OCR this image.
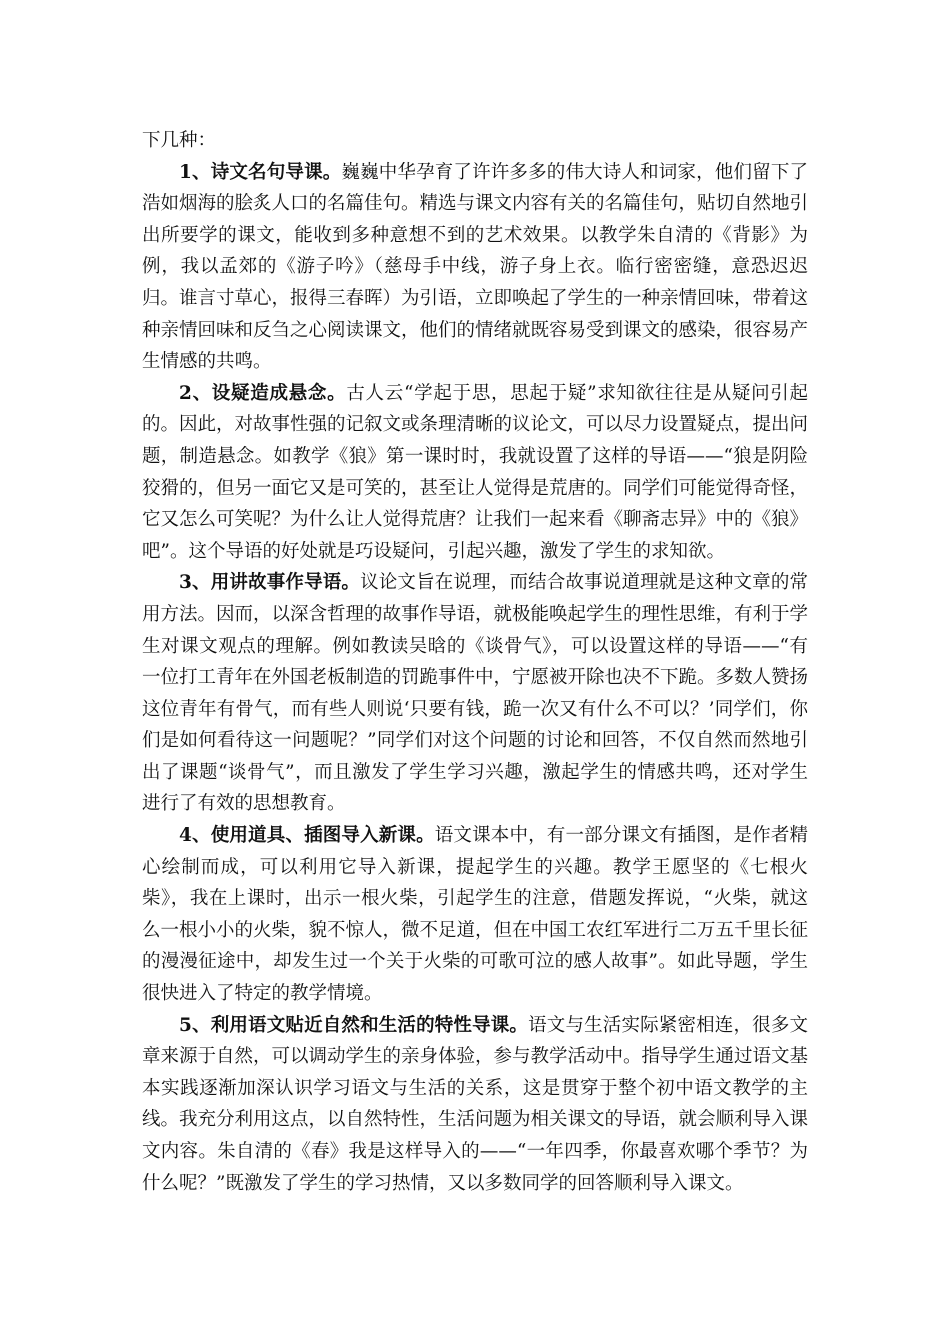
下几种：

1、诗文名句导课。巍巍中华孕育了许许多多的伟大诗人和词家，他们留下了浩如烟海的脍炙人口的名篇佳句。精选与课文内容有关的名篇佳句，贴切自然地引出所要学的课文，能收到多种意想不到的艺术效果。以教学朱自清的《背影》为例，我以孟郊的《游子吟》（慈母手中线，游子身上衣。临行密密缝，意恐迟迟归。谁言寸草心，报得三春晖）为引语，立即唤起了学生的一种亲情回味，带着这种亲情回味和反刍之心阅读课文，他们的情绪就既容易受到课文的感染，很容易产生情感的共鸣。

2、设疑造成悬念。古人云“学起于思，思起于疑”求知欲往往是从疑问引起的。因此，对故事性强的记叙文或条理清晰的议论文，可以尽力设置疑点，提出问题，制造悬念。如教学《狼》第一课时时，我就设置了这样的导语——“狼是阴险狡猾的，但另一面它又是可笑的，甚至让人觉得是荒唐的。同学们可能觉得奇怪，它又怎么可笑呢？为什么让人觉得荒唐？让我们一起来看《聊斋志异》中的《狼》吧”。这个导语的好处就是巧设疑问，引起兴趣，激发了学生的求知欲。

3、用讲故事作导语。议论文旨在说理，而结合故事说道理就是这种文章的常用方法。因而，以深含哲理的故事作导语，就极能唤起学生的理性思维，有利于学生对课文观点的理解。例如教读吴晗的《谈骨气》，可以设置这样的导语——“有一位打工青年在外国老板制造的罚跪事件中，宁愿被开除也决不下跪。多数人赞扬这位青年有骨气，而有些人则说‘只要有钱，跪一次又有什么不可以？’同学们，你们是如何看待这一问题呢？”同学们对这个问题的讨论和回答，不仅自然而然地引出了课题“谈骨气”，而且激发了学生学习兴趣，激起学生的情感共鸣，还对学生进行了有效的思想教育。

4、使用道具、插图导入新课。语文课本中，有一部分课文有插图，是作者精心绘制而成，可以利用它导入新课，提起学生的兴趣。教学王愿坚的《七根火柴》，我在上课时，出示一根火柴，引起学生的注意，借题发挥说，“火柴，就这么一根小小的火柴，貌不惊人，微不足道，但在中国工农红军进行二万五千里长征的漫漫征途中，却发生过一个关于火柴的可歌可泣的感人故事”。如此导题，学生很快进入了特定的教学情境。

5、利用语文贴近自然和生活的特性导课。语文与生活实际紧密相连，很多文章来源于自然，可以调动学生的亲身体验，参与教学活动中。指导学生通过语文基本实践逐渐加深认识学习语文与生活的关系，这是贯穿于整个初中语文教学的主线。我充分利用这点，以自然特性，生活问题为相关课文的导语，就会顺利导入课文内容。朱自清的《春》我是这样导入的——“一年四季，你最喜欢哪个季节？为什么呢？”既激发了学生的学习热情，又以多数同学的回答顺利导入课文。
